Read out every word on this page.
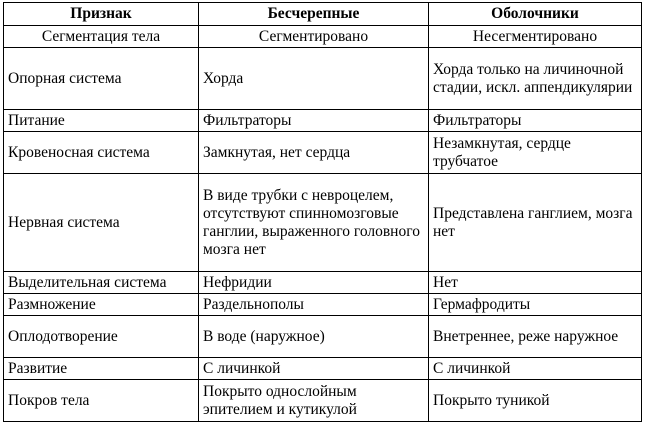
Признак	Бесчерепные	Оболочники
Сегментация тела	Сегментировано	Несегментировано
Опорная система	Хорда	Хорда только на личиночной стадии, искл. аппендикулярии
Питание	Фильтраторы	Фильтраторы
Кровеносная система	Замкнутая, нет сердца	Незамкнутая, сердце трубчатое
Нервная система	В виде трубки с невроцелем, отсутствуют спинномозговые ганглии, выраженного головного мозга нет	Представлена ганглием, мозга нет
Выделительная система	Нефридии	Нет
Размножение	Раздельнополы	Гермафродиты
Оплодотворение	В воде (наружное)	Внетреннее, реже наружное
Развитие	С личинкой	С личинкой
Покров тела	Покрыто однослойным эпителием и кутикулой	Покрыто туникой
